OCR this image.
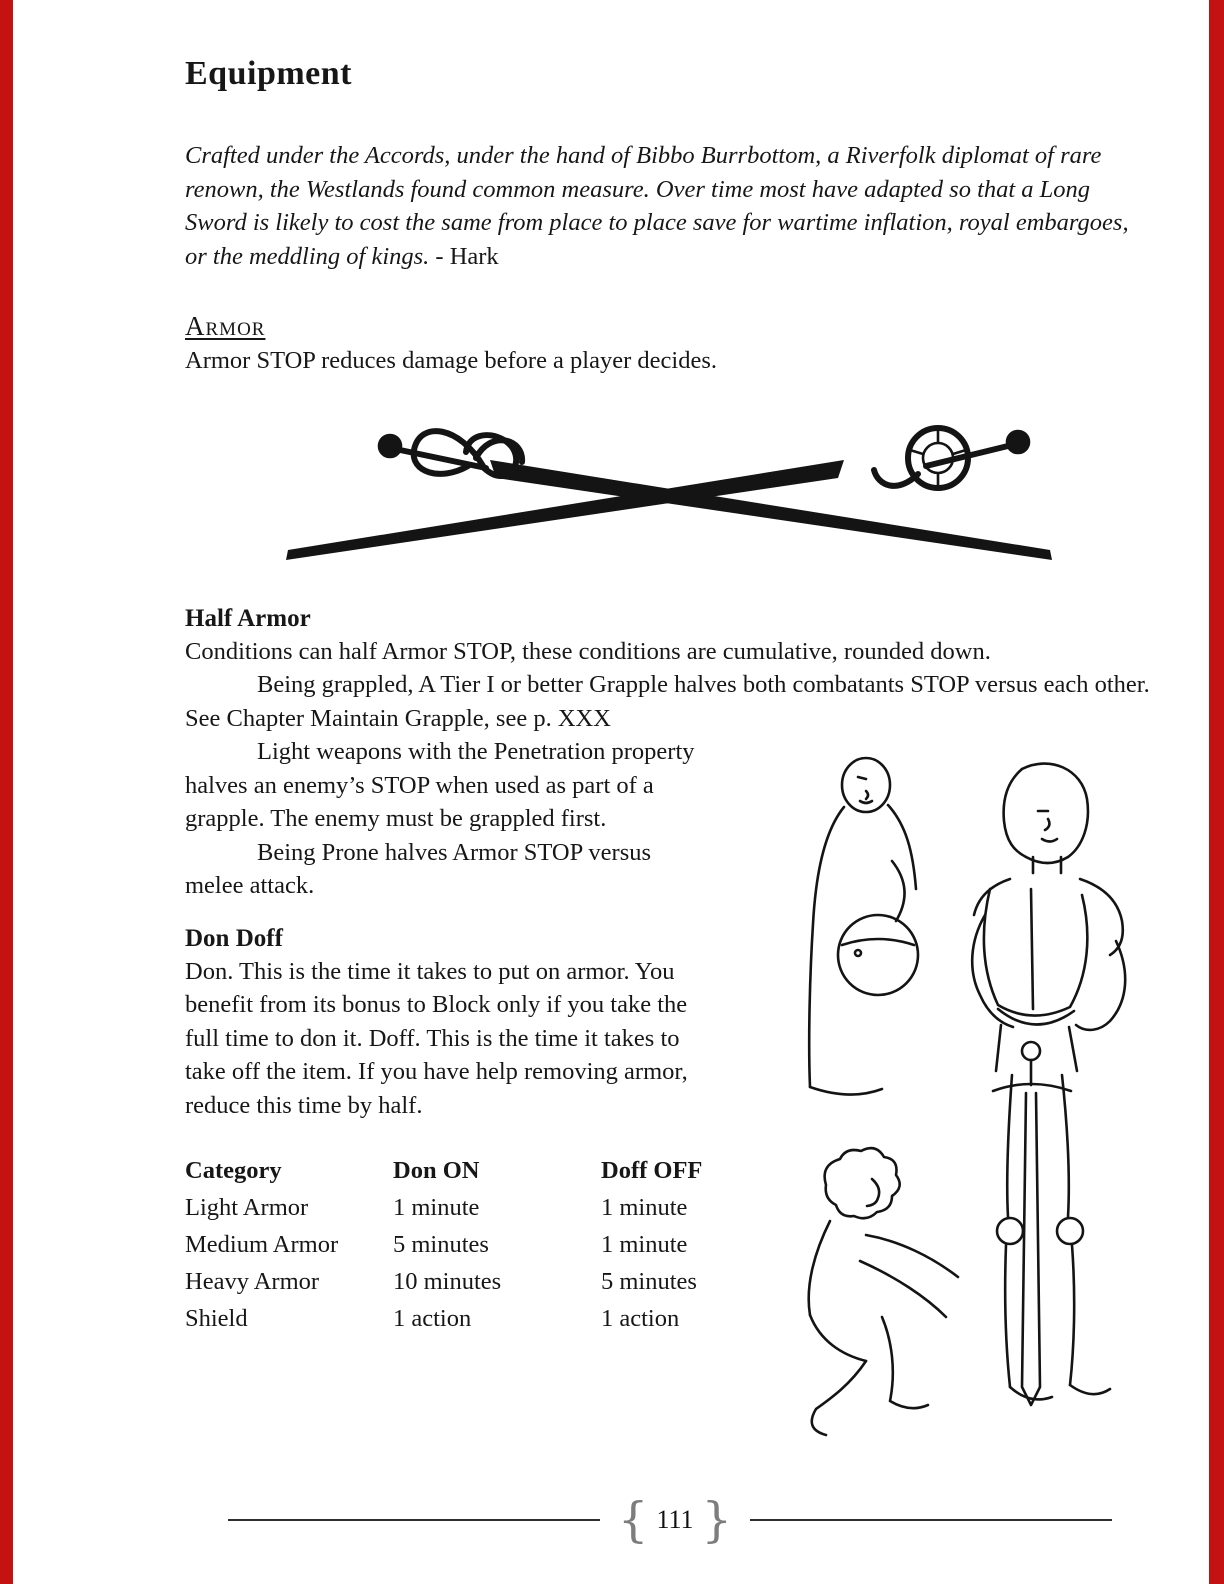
Equipment

Crafted under the Accords, under the hand of Bibbo Burrbottom, a Riverfolk diplomat of rare renown, the Westlands found common measure. Over time most have adapted so that a Long Sword is likely to cost the same from place to place save for wartime inflation, royal embargoes, or the meddling of kings. - Hark

Armor

Armor STOP reduces damage before a player decides.

Half Armor

Conditions can half Armor STOP, these conditions are cumulative, rounded down.

Being grappled, A Tier I or better Grapple halves both combatants STOP versus each other. See Chapter Maintain Grapple, see p. XXX

Light weapons with the Penetration property halves an enemy’s STOP when used as part of a grapple. The enemy must be grappled first.

Being Prone halves Armor STOP versus melee attack.

Don Doff

Don. This is the time it takes to put on armor. You benefit from its bonus to Block only if you take the full time to don it. Doff. This is the time it takes to take off the item. If you have help removing armor, reduce this time by half.

Category	Don ON	Doff OFF
Light Armor	1 minute	1 minute
Medium Armor	5 minutes	1 minute
Heavy Armor	10 minutes	5 minutes
Shield	1 action	1 action
{ 111 }
